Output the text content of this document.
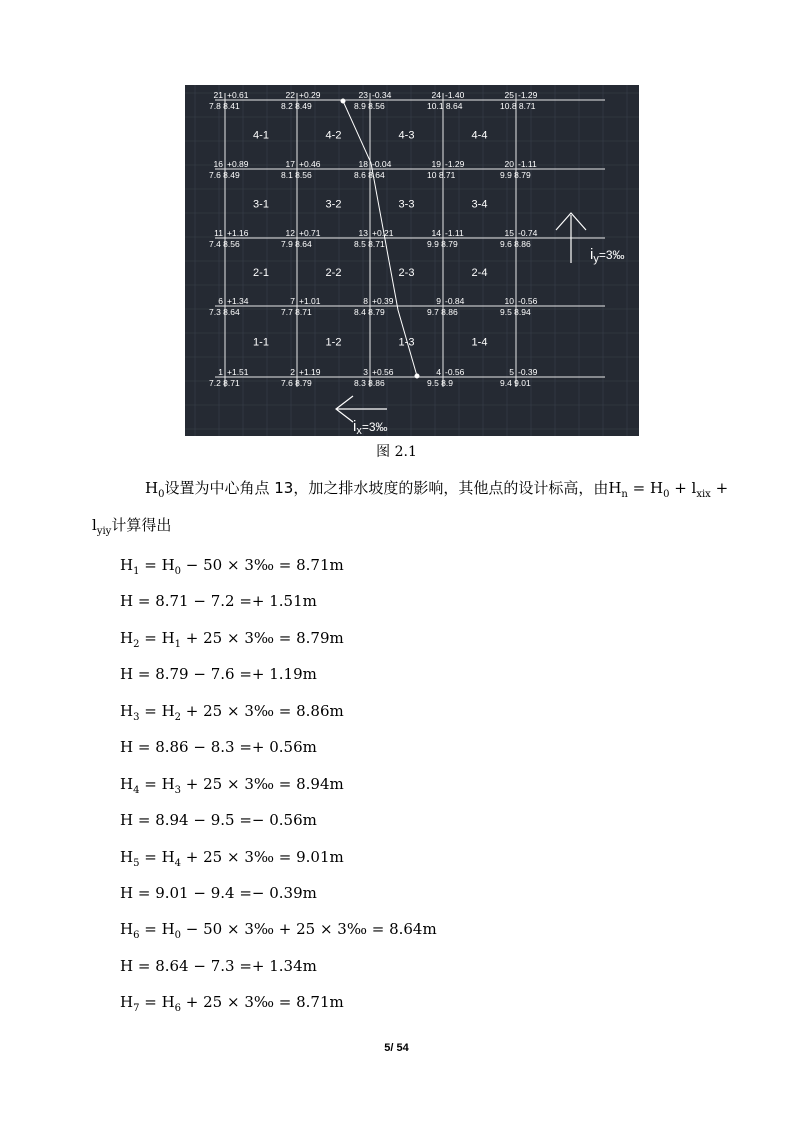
21 +0.61
7.8 8.41
22 +0.29
8.2 8.49
23 -0.34
8.9 8.56
24 -1.40
10.1 8.64
25 -1.29
10.8 8.71
16 +0.89
7.6 8.49
17 +0.46
8.1 8.56
18 -0.04
8.6 8.64
19 -1.29
10 8.71
20 -1.11
9.9 8.79
11 +1.16
7.4 8.56
12 +0.71
7.9 8.64
13 +0.21
8.5 8.71
14 -1.11
9.9 8.79
15 -0.74
9.6 8.86
6 +1.34
7.3 8.64
7 +1.01
7.7 8.71
8 +0.39
8.4 8.79
9 -0.84
9.7 8.86
10 -0.56
9.5 8.94
1 +1.51
7.2 8.71
2 +1.19
7.6 8.79
3 +0.56
8.3 8.86
4 -0.56
9.5 8.9
5 -0.39
9.4 9.01
4-1	4-2	4-3	4-4
3-1	3-2	3-3	3-4
2-1	2-2	2-3	2-4
1-1	1-2	1-3	1-4
$i_y^{=3‰}$
$i_x^{=3‰}$
图 2.1
$H_0$设置为中心角点 13，加之排水坡度的影响，其他点的设计标高，由$H_n = H_0 + l_{xix}$ +
$l_{yiy}$计算得出
$H_1 = H_0 - 50$ × 3‰ = 8.71m
H = 8.71 − 7.2 =+ 1.51m
$H_2 = H_1 + 25$ × 3‰ = 8.79m
H = 8.79 − 7.6 =+ 1.19m
$H_3 = H_2 + 25$ × 3‰ = 8.86m
H = 8.86 − 8.3 =+ 0.56m
$H_4 = H_3 + 25$ × 3‰ = 8.94m
H = 8.94 − 9.5 =− 0.56m
$H_5 = H_4 + 25$ × 3‰ = 9.01m
H = 9.01 − 9.4 =− 0.39m
$H_6 = H_0 - 50$ × 3‰ + 25 × 3‰ = 8.64m
H = 8.64 − 7.3 =+ 1.34m
$H_7 = H_6 + 25$ × 3‰ = 8.71m
5/ 54
